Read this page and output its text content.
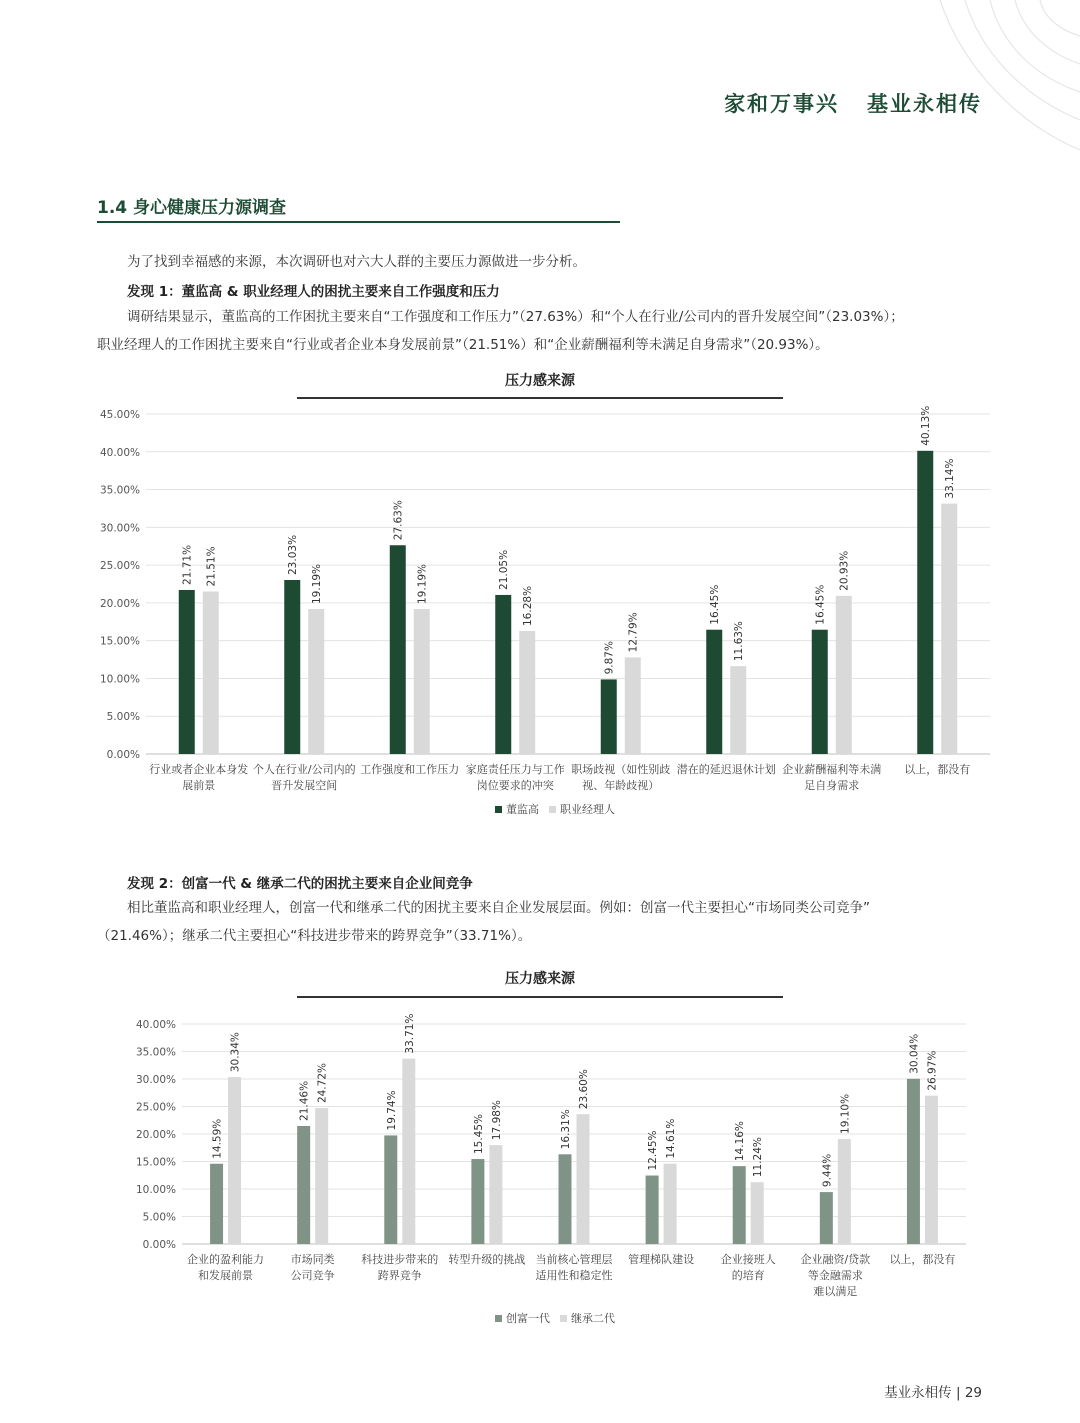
家和万事兴   基业永相传
1.4 身心健康压力源调查
为了找到幸福感的来源，本次调研也对六大人群的主要压力源做进一步分析。
发现 1：董监高 & 职业经理人的困扰主要来自工作强度和压力
调研结果显示，董监高的工作困扰主要来自“工作强度和工作压力”（27.63%）和“个人在行业/公司内的晋升发展空间”（23.03%）；
职业经理人的工作困扰主要来自“行业或者企业本身发展前景”（21.51%）和“企业薪酬福利等未满足自身需求”（20.93%）。
压力感来源
0.00%
5.00%
10.00%
15.00%
20.00%
25.00%
30.00%
35.00%
40.00%
45.00%
21.71% 21.51%
行业或者企业本身发
展前景
23.03%
19.19%
个人在行业/公司内的
晋升发展空间
27.63%
19.19%
工作强度和工作压力
21.05%
16.28%
家庭责任压力与工作
岗位要求的冲突
9.87%
12.79%
职场歧视（如性别歧
视、年龄歧视）
16.45%
11.63%
潜在的延迟退休计划
16.45%
20.93%
企业薪酬福利等未满
足自身需求
40.13%
33.14%
以上，都没有
董监高 职业经理人
发现 2：创富一代 & 继承二代的困扰主要来自企业间竞争
相比董监高和职业经理人，创富一代和继承二代的困扰主要来自企业发展层面。例如：创富一代主要担心“市场同类公司竞争”
（21.46%）；继承二代主要担心“科技进步带来的跨界竞争”（33.71%）。
压力感来源
0.00%
5.00%
10.00%
15.00%
20.00%
25.00%
30.00%
35.00%
40.00%
14.59%
30.34%
企业的盈利能力
和发展前景
21.46% 24.72%
市场同类
公司竞争
19.74%
33.71%
科技进步带来的
跨界竞争
15.45% 17.98%
转型升级的挑战
16.31%
23.60%
当前核心管理层
适用性和稳定性
12.45% 14.61%
管理梯队建设
14.16% 11.24%
企业接班人
的培育
9.44%
19.10%
企业融资/贷款
等金融需求
难以满足
30.04% 26.97%
以上，都没有
创富一代 继承二代
基业永相传 | 29
